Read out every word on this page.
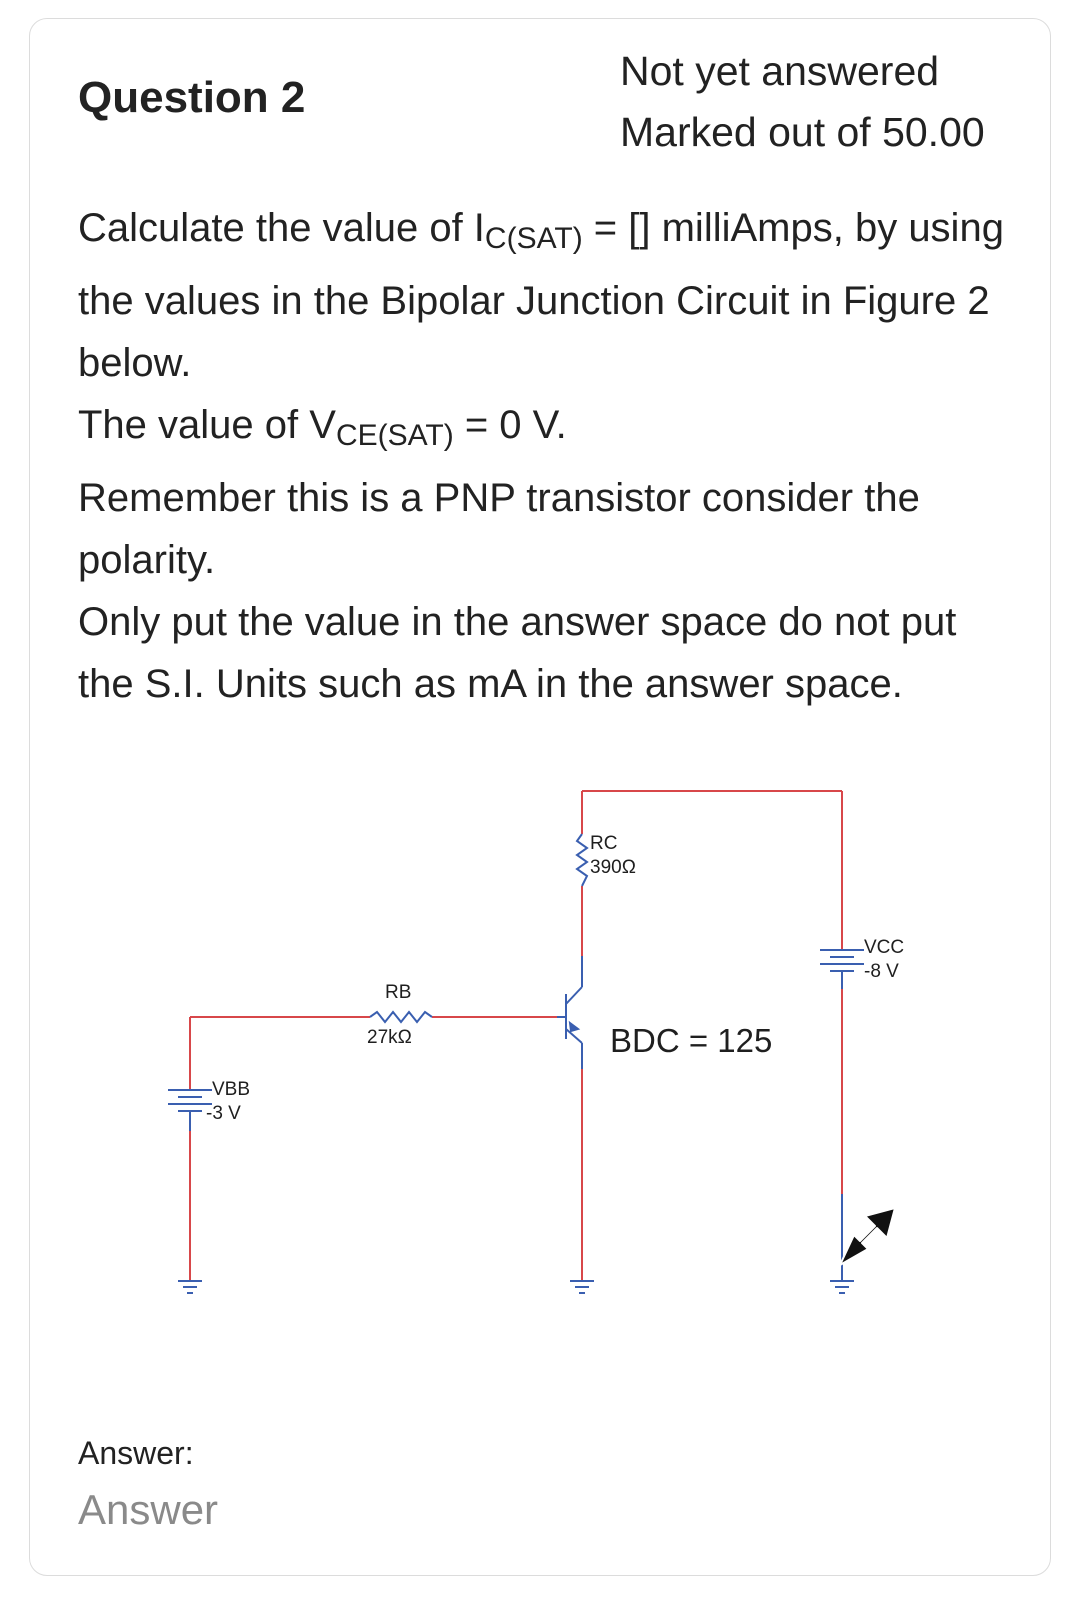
Question 2
Not yet answered
Marked out of 50.00

Calculate the value of $I_{C(SAT)}$ = [] milliAmps, by using the values in the Bipolar Junction Circuit in Figure 2 below.

The value of $V_{CE(SAT)} = 0$ V.

Remember this is a PNP transistor consider the polarity.

Only put the value in the answer space do not put the S.I. Units such as mA in the answer space.

RC
390Ω
VCC
-8 V
RB
27kΩ
VBB
-3 V
BDC = 125
Answer:
Answer
